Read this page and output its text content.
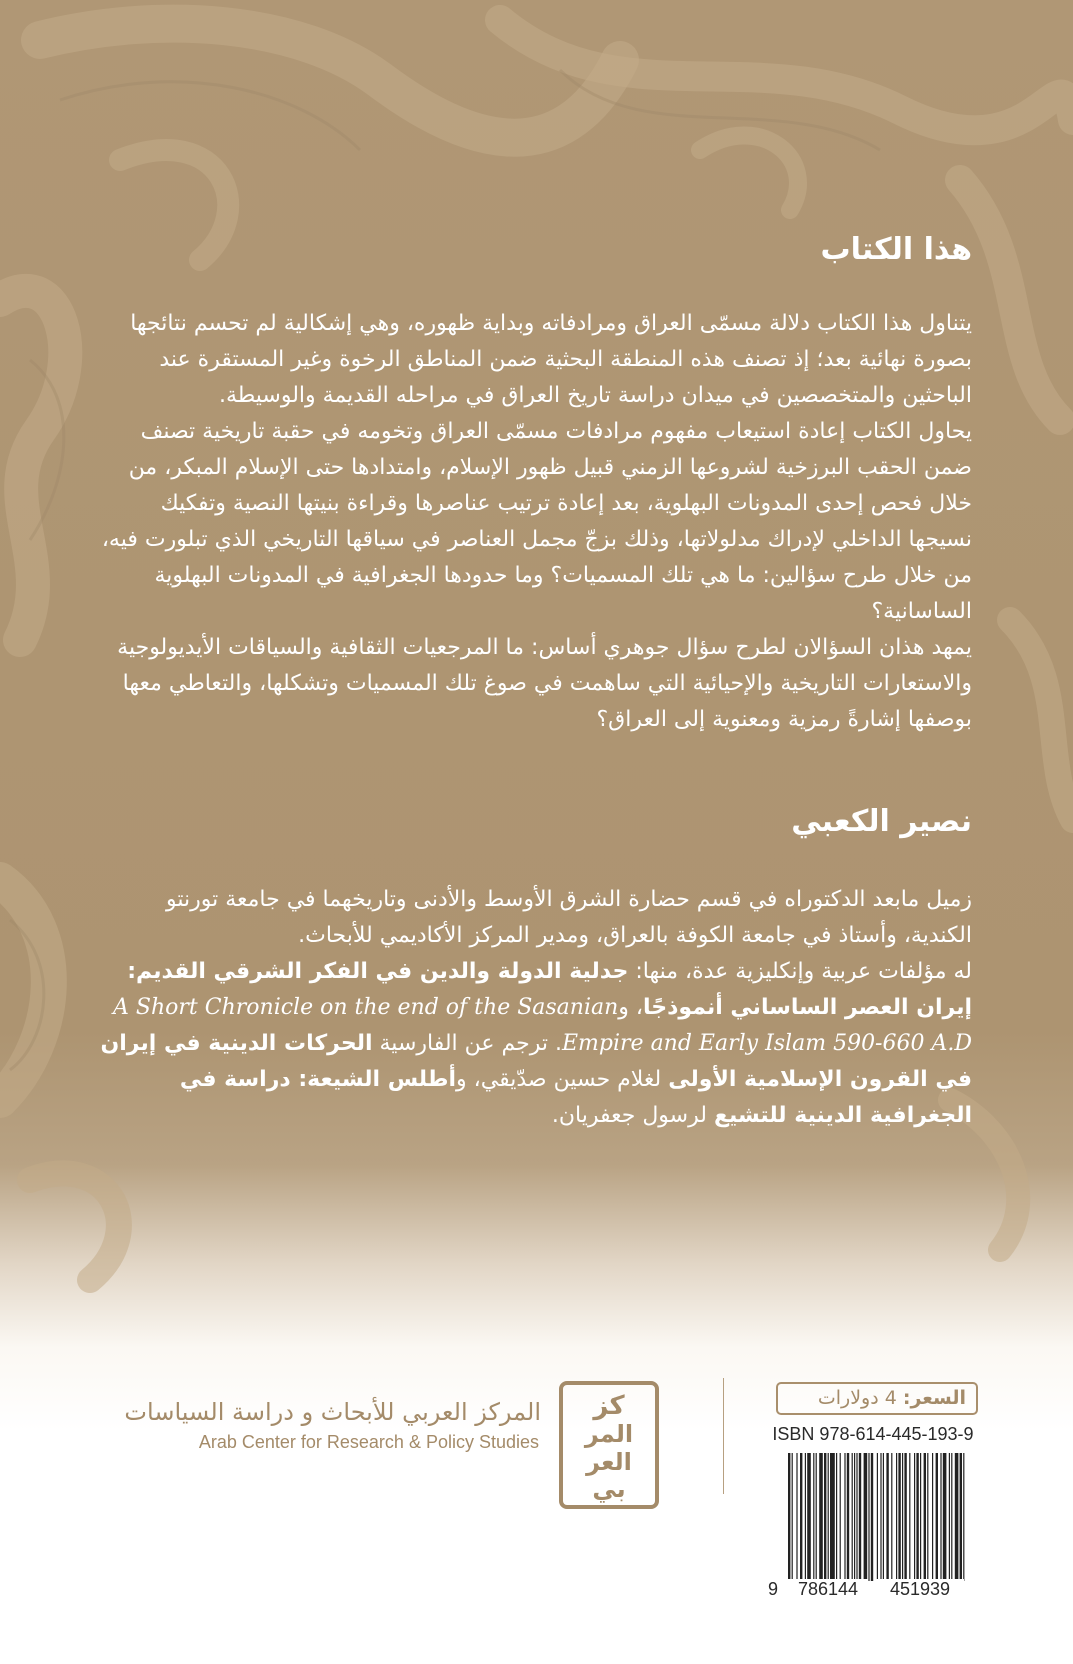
هذا الكتاب

يتناول هذا الكتاب دلالة مسمّى العراق ومرادفاته وبداية ظهوره، وهي إشكالية لم تحسم نتائجها بصورة نهائية بعد؛ إذ تصنف هذه المنطقة البحثية ضمن المناطق الرخوة وغير المستقرة عند الباحثين والمتخصصين في ميدان دراسة تاريخ العراق في مراحله القديمة والوسيطة.

يحاول الكتاب إعادة استيعاب مفهوم مرادفات مسمّى العراق وتخومه في حقبة تاريخية تصنف ضمن الحقب البرزخية لشروعها الزمني قبيل ظهور الإسلام، وامتدادها حتى الإسلام المبكر، من خلال فحص إحدى المدونات البهلوية، بعد إعادة ترتيب عناصرها وقراءة بنيتها النصية وتفكيك نسيجها الداخلي لإدراك مدلولاتها، وذلك بزجّ مجمل العناصر في سياقها التاريخي الذي تبلورت فيه، من خلال طرح سؤالين: ما هي تلك المسميات؟ وما حدودها الجغرافية في المدونات البهلوية الساسانية؟

يمهد هذان السؤالان لطرح سؤال جوهري أساس: ما المرجعيات الثقافية والسياقات الأيديولوجية والاستعارات التاريخية والإحيائية التي ساهمت في صوغ تلك المسميات وتشكلها، والتعاطي معها بوصفها إشارةً رمزية ومعنوية إلى العراق؟

نصير الكعبي

زميل مابعد الدكتوراه في قسم حضارة الشرق الأوسط والأدنى وتاريخهما في جامعة تورنتو الكندية، وأستاذ في جامعة الكوفة بالعراق، ومدير المركز الأكاديمي للأبحاث.

له مؤلفات عربية وإنكليزية عدة، منها: جدلية الدولة والدين في الفكر الشرقي القديم: إيران العصر الساساني أنموذجًا، وA Short Chronicle on the end of the Sasanian Empire and Early Islam 590-660 A.D. ترجم عن الفارسية الحركات الدينية في إيران في القرون الإسلامية الأولى لغلام حسين صدّيقي، وأطلس الشيعة: دراسة في الجغرافية الدينية للتشيع لرسول جعفريان.

كز
المر
العر
بي

المركز العربي للأبحاث و دراسة السياسات

Arab Center for Research & Policy Studies

السعر: 4 دولارات
ISBN 978-614-445-193-9
9	786144	451939
